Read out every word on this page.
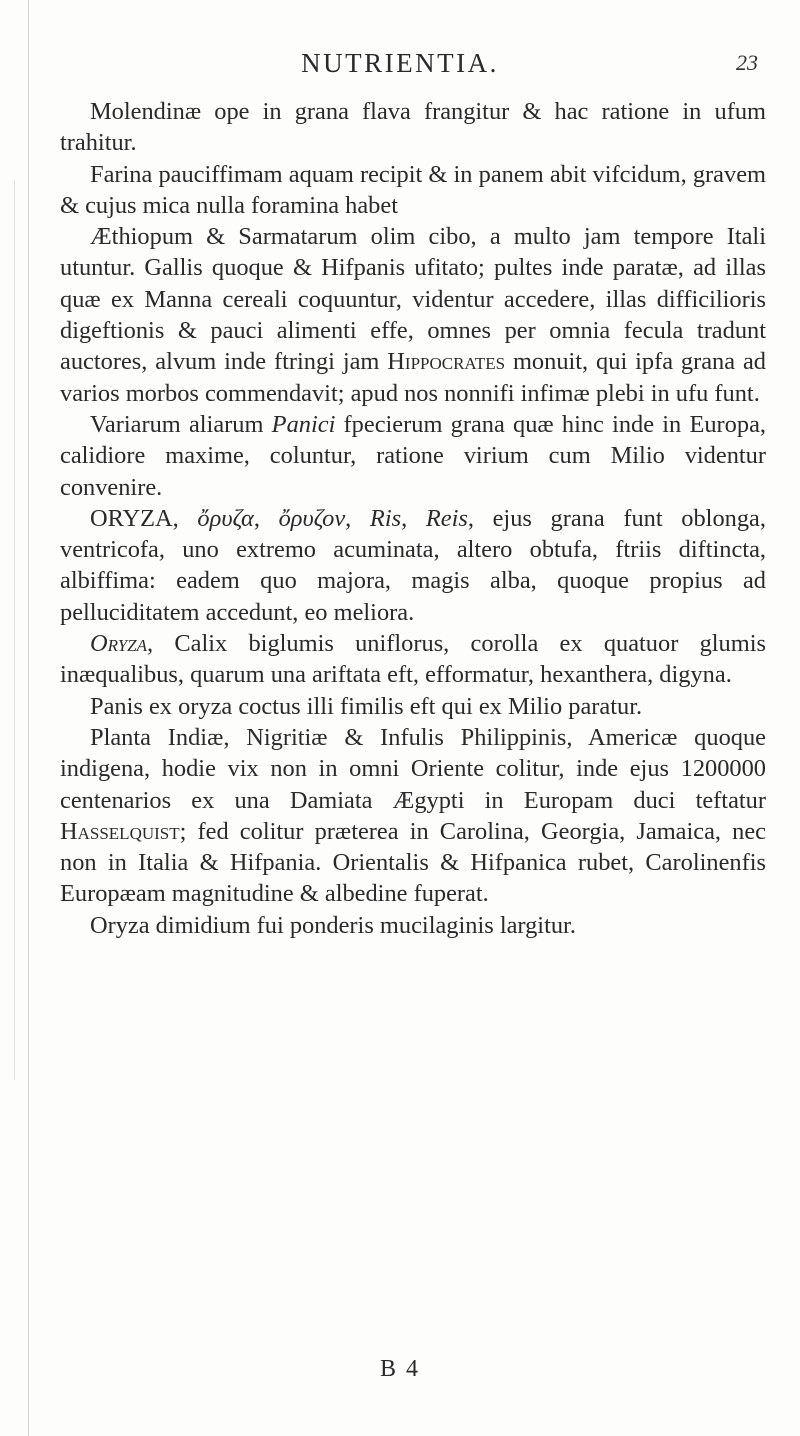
NUTRIENTIA.	23

Molendinæ ope in grana flava frangitur & hac ratione in ufum trahitur.

Farina pauciffimam aquam recipit & in panem abit vifcidum, gravem & cujus mica nulla foramina habet

Æthiopum & Sarmatarum olim cibo, a multo jam tempore Itali utuntur. Gallis quoque & Hifpanis ufitato; pultes inde paratæ, ad illas quæ ex Manna cereali coquuntur, videntur accedere, illas difficilioris digeftionis & pauci alimenti effe, omnes per omnia fecula tradunt auctores, alvum inde ftringi jam Hippocrates monuit, qui ipfa grana ad varios morbos commendavit; apud nos nonnifi infimæ plebi in ufu funt.

Variarum aliarum Panici fpecierum grana quæ hinc inde in Europa, calidiore maxime, coluntur, ratione virium cum Milio videntur convenire.

ORYZA, ὄρυζα, ὄρυζον, Ris, Reis, ejus grana funt oblonga, ventricofa, uno extremo acuminata, altero obtufa, ftriis diftincta, albiffima: eadem quo majora, magis alba, quoque propius ad pelluciditatem accedunt, eo meliora.

Oryza, Calix biglumis uniflorus, corolla ex quatuor glumis inæqualibus, quarum una ariftata eft, efformatur, hexanthera, digyna.

Panis ex oryza coctus illi fimilis eft qui ex Milio paratur.

Planta Indiæ, Nigritiæ & Infulis Philippinis, Americæ quoque indigena, hodie vix non in omni Oriente colitur, inde ejus 1200000 centenarios ex una Damiata Ægypti in Europam duci teftatur Hasselquist; fed colitur præterea in Carolina, Georgia, Jamaica, nec non in Italia & Hifpania. Orientalis & Hifpanica rubet, Carolinenfis Europæam magnitudine & albedine fuperat.

Oryza dimidium fui ponderis mucilaginis largitur.

B 4
